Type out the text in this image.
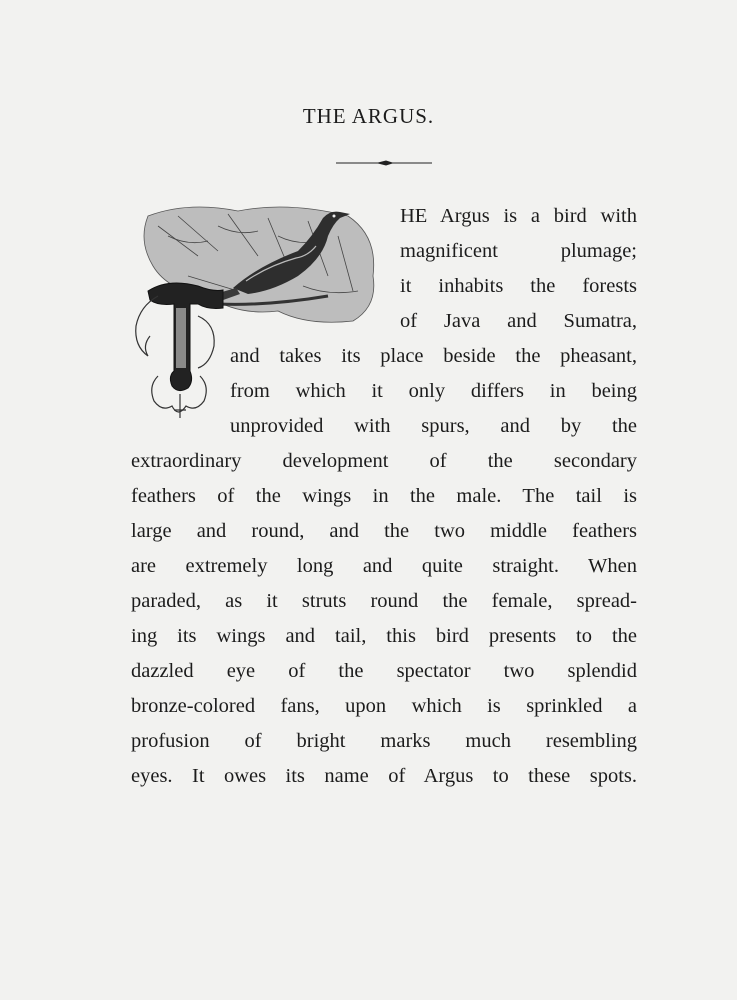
THE ARGUS.
HE Argus is a bird with
magnificent plumage;
it inhabits the forests
of Java and Sumatra,
and takes its place beside the pheasant,
from which it only differs in being
unprovided with spurs, and by the
extraordinary development of the secondary
feathers of the wings in the male. The tail is
large and round, and the two middle feathers
are extremely long and quite straight. When
paraded, as it struts round the female, spread-
ing its wings and tail, this bird presents to the
dazzled eye of the spectator two splendid
bronze-colored fans, upon which is sprinkled a
profusion of bright marks much resembling
eyes. It owes its name of Argus to these spots.
